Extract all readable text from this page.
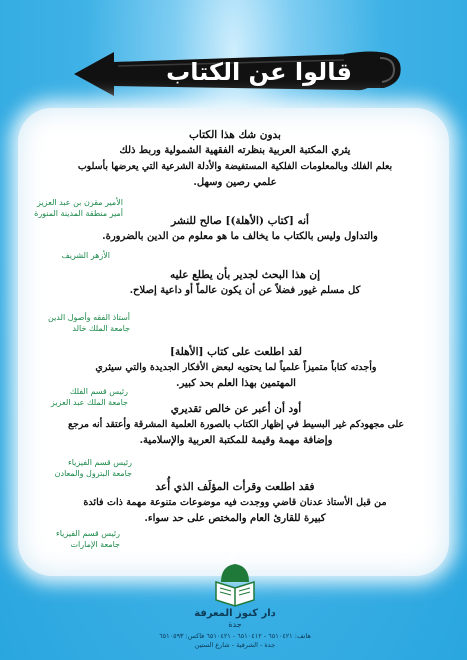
قالوا عن الكتاب
بدون شك هذا الكتاب
يثري المكتبة العربية بنظرته الفقهية الشمولية وربط ذلك
بعلم الفلك وبالمعلومات الفلكية المستفيضة والأدلة الشرعية التي يعرضها بأسلوب
علمي رصين وسهل.
الأمير مقرن بن عبد العزيز
أمير منطقة المدينة المنورة
أنه [كتاب (الأهلة)] صالح للنشر
والتداول وليس بالكتاب ما يخالف ما هو معلوم من الدين بالضرورة.
الأزهر الشريف
إن هذا البحث لجدير بأن يطلع عليه
كل مسلم غيور فضلاً عن أن يكون عالماً أو داعية إصلاح.
أستاذ الفقه وأصول الدين
جامعة الملك خالد
لقد اطلعت على كتاب [الأهلة]
وأجدته كتاباً متميزاً علمياً لما يحتويه لبعض الأفكار الجديدة والتي سيثري
المهتمين بهذا العلم بحد كبير.
رئيس قسم الفلك
جامعة الملك عبد العزيز
أود أن أعبر عن خالص تقديري
على مجهودكم غير البسيط في إظهار الكتاب بالصورة العلمية المشرقة وأعتقد أنه مرجع
وإضافة مهمة وقيمة للمكتبة العربية والإسلامية.
رئيس قسم الفيزياء
جامعة البترول والمعادن
فقد اطلعت وقرأت المؤلَف الذي أُعد
من قبل الأستاذ عدنان قاضي ووجدت فيه موضوعات متنوعة مهمة ذات فائدة
كبيرة للقارئ العام والمختص على حد سواء.
رئيس قسم الفيزياء
جامعة الإمارات
دار كنوز المعرفة
جدة
هاتف: ٦٥١٠٤٢١ - ٦٥١٠٤١٢ - ٦٥١٠٤٢١ فاكس: ٦٥١٠٥٩٣
جدة - الشرفية - شارع الستين
